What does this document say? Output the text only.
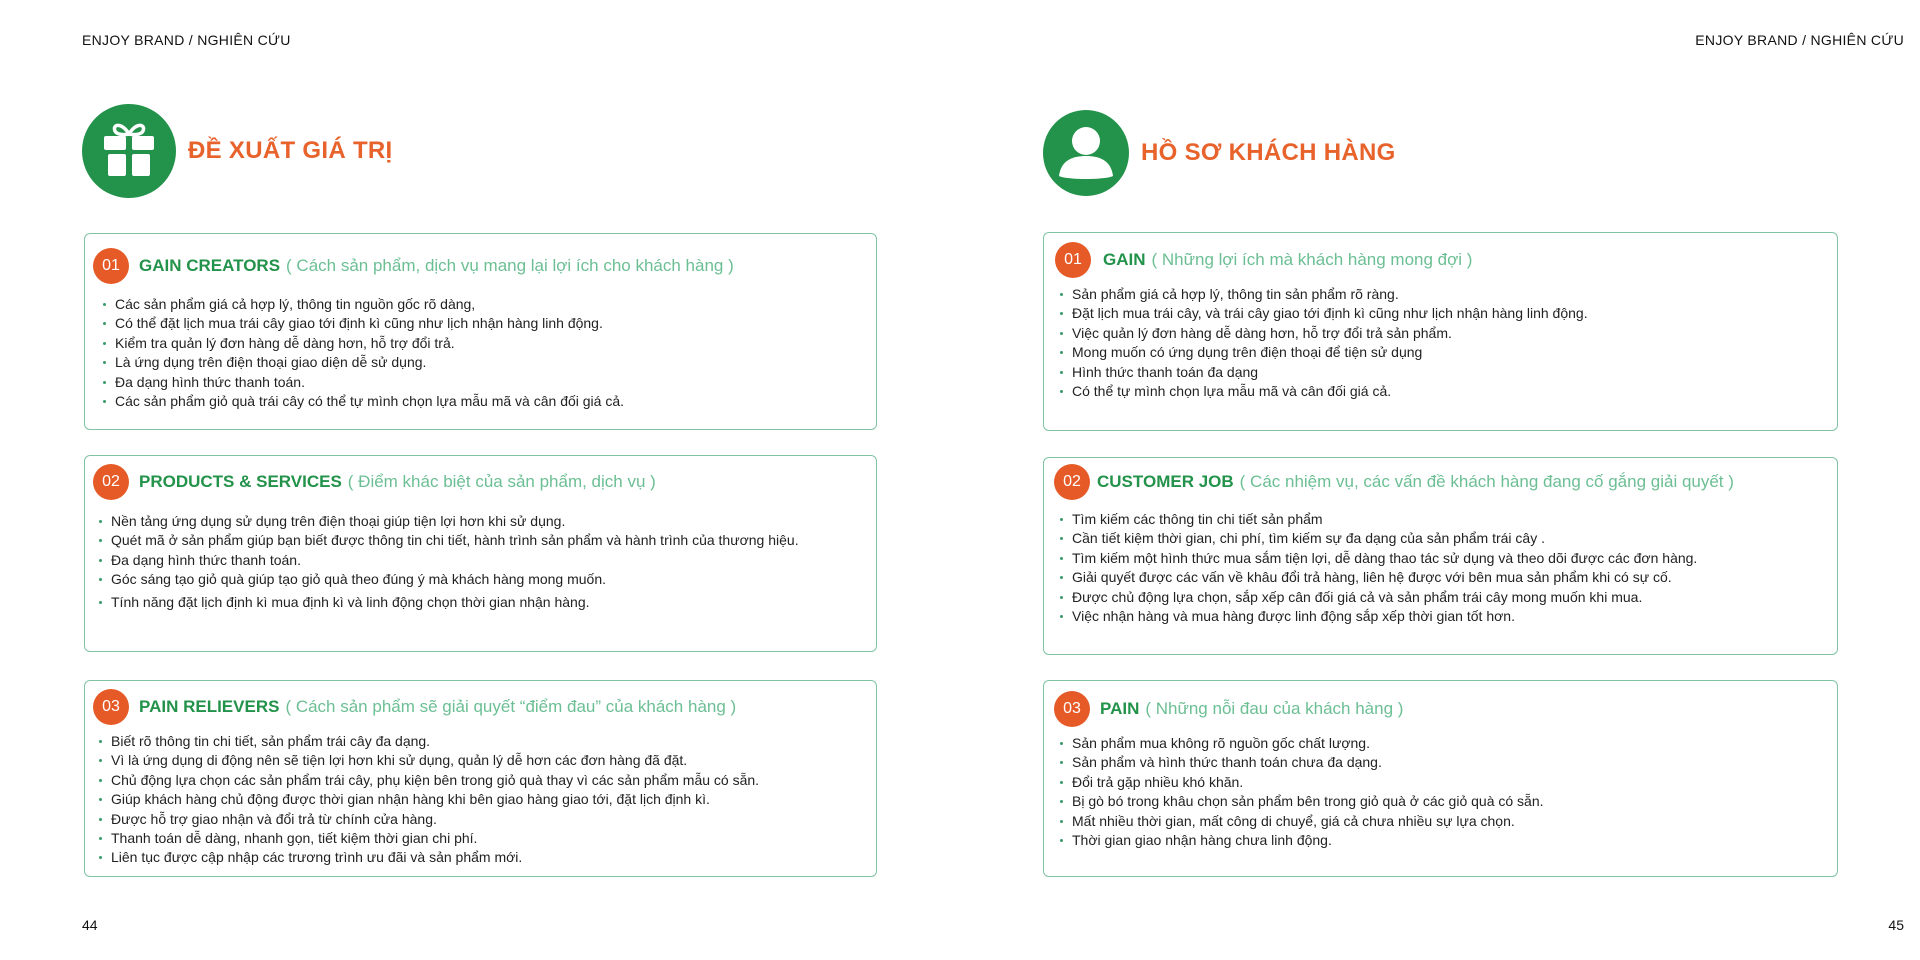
ENJOY BRAND / NGHIÊN CỨU
ĐỀ XUẤT GIÁ TRỊ
01	GAIN CREATORS ( Cách sản phẩm, dịch vụ mang lại lợi ích cho khách hàng )
Các sản phẩm giá cả hợp lý, thông tin nguồn gốc rõ dàng,
Có thể đặt lịch mua trái cây giao tới định kì cũng như lịch nhận hàng linh động.
Kiểm tra quản lý đơn hàng dễ dàng hơn, hỗ trợ đổi trả.
Là ứng dụng trên điện thoại giao diện dễ sử dụng.
Đa dạng hình thức thanh toán.
Các sản phẩm giỏ quà trái cây có thể tự mình chọn lựa mẫu mã và cân đối giá cả.
02	PRODUCTS & SERVICES ( Điểm khác biệt của sản phẩm, dịch vụ )
Nền tảng ứng dụng sử dụng trên điện thoại giúp tiện lợi hơn khi sử dụng.
Quét mã ở sản phẩm giúp bạn biết được thông tin chi tiết, hành trình sản phẩm và hành trình của thương hiệu.
Đa dạng hình thức thanh toán.
Góc sáng tạo giỏ quà giúp tạo giỏ quà theo đúng ý mà khách hàng mong muốn.
Tính năng đặt lịch định kì mua định kì và linh động chọn thời gian nhận hàng.
03	PAIN RELIEVERS ( Cách sản phẩm sẽ giải quyết “điểm đau” của khách hàng )
Biết rõ thông tin chi tiết, sản phẩm trái cây đa dạng.
Vì là ứng dụng di động nên sẽ tiện lợi hơn khi sử dụng, quản lý dễ hơn các đơn hàng đã đặt.
Chủ động lựa chọn các sản phẩm trái cây, phụ kiện bên trong giỏ quà thay vì các sản phẩm mẫu có sẵn.
Giúp khách hàng chủ động được thời gian nhận hàng khi bên giao hàng giao tới, đặt lịch định kì.
Được hỗ trợ giao nhận và đổi trả từ chính cửa hàng.
Thanh toán dễ dàng, nhanh gọn, tiết kiệm thời gian chi phí.
Liên tục được cập nhập các trương trình ưu đãi và sản phẩm mới.
44
ENJOY BRAND / NGHIÊN CỨU
HỒ SƠ KHÁCH HÀNG
01	GAIN ( Những lợi ích mà khách hàng mong đợi )
Sản phẩm giá cả hợp lý, thông tin sản phẩm rõ ràng.
Đặt lịch mua trái cây, và trái cây giao tới định kì cũng như lịch nhận hàng linh động.
Việc quản lý đơn hàng dễ dàng hơn, hỗ trợ đổi trả sản phẩm.
Mong muốn có ứng dụng trên điện thoại để tiện sử dụng
Hình thức thanh toán đa dạng
Có thể tự mình chọn lựa mẫu mã và cân đối giá cả.
02 CUSTOMER JOB ( Các nhiệm vụ, các vấn đề khách hàng đang cố gắng giải quyết )
Tìm kiếm các thông tin chi tiết sản phẩm
Cần tiết kiệm thời gian, chi phí, tìm kiếm sự đa dạng của sản phẩm trái cây .
Tìm kiếm một hình thức mua sắm tiện lợi, dễ dàng thao tác sử dụng và theo dõi được các đơn hàng.
Giải quyết được các vấn về khâu đổi trả hàng, liên hệ được với bên mua sản phẩm khi có sự cố.
Được chủ động lựa chọn, sắp xếp cân đối giá cả và sản phẩm trái cây mong muốn khi mua.
Việc nhận hàng và mua hàng được linh động sắp xếp thời gian tốt hơn.
03	PAIN ( Những nỗi đau của khách hàng )
Sản phẩm mua không rõ nguồn gốc chất lượng.
Sản phẩm và hình thức thanh toán chưa đa dạng.
Đổi trả gặp nhiều khó khăn.
Bị gò bó trong khâu chọn sản phẩm bên trong giỏ quà ở các giỏ quà có sẵn.
Mất nhiều thời gian, mất công di chuyể, giá cả chưa nhiều sự lựa chọn.
Thời gian giao nhận hàng chưa linh động.
45
